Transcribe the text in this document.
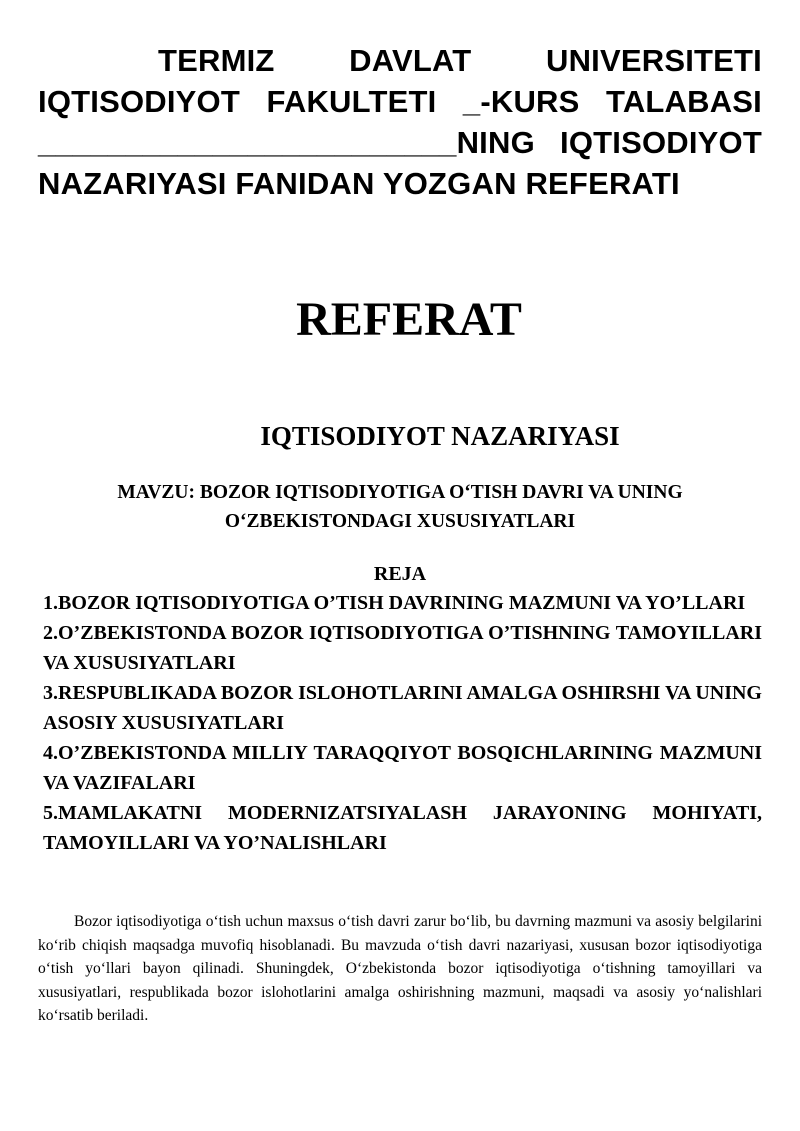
TERMIZ DAVLAT UNIVERSITETI IQTISODIYOT FAKULTETI _-KURS TALABASI ________________________NING IQTISODIYOT NAZARIYASI FANIDAN YOZGAN REFERATI

REFERAT
IQTISODIYOT NAZARIYASI
MAVZU: BOZOR IQTISODIYOTIGA O‘TISH DAVRI VA UNING O‘ZBEKISTONDAGI XUSUSIYATLARI
REJA
1.BOZOR IQTISODIYOTIGA O’TISH DAVRINING MAZMUNI VA YO’LLARI
2.O’ZBEKISTONDA BOZOR IQTISODIYOTIGA O’TISHNING TAMOYILLARI VA XUSUSIYATLARI
3.RESPUBLIKADA BOZOR ISLOHOTLARINI AMALGA OSHIRSHI VA UNING ASOSIY XUSUSIYATLARI
4.O’ZBEKISTONDA MILLIY TARAQQIYOT BOSQICHLARINING MAZMUNI VA VAZIFALARI
5.MAMLAKATNI MODERNIZATSIYALASH JARAYONING MOHIYATI, TAMOYILLARI VA YO’NALISHLARI

Bozor iqtisodiyotiga o‘tish uchun maxsus o‘tish davri zarur bo‘lib, bu davrning mazmuni va asosiy belgilarini ko‘rib chiqish maqsadga muvofiq hisoblanadi. Bu mavzuda o‘tish davri nazariyasi, xususan bozor iqtisodiyotiga o‘tish yo‘llari bayon qilinadi. Shuningdek, O‘zbekistonda bozor iqtisodiyotiga o‘tishning tamoyillari va xususiyatlari, respublikada bozor islohotlarini amalga oshirishning mazmuni, maqsadi va asosiy yo‘nalishlari ko‘rsatib beriladi.
